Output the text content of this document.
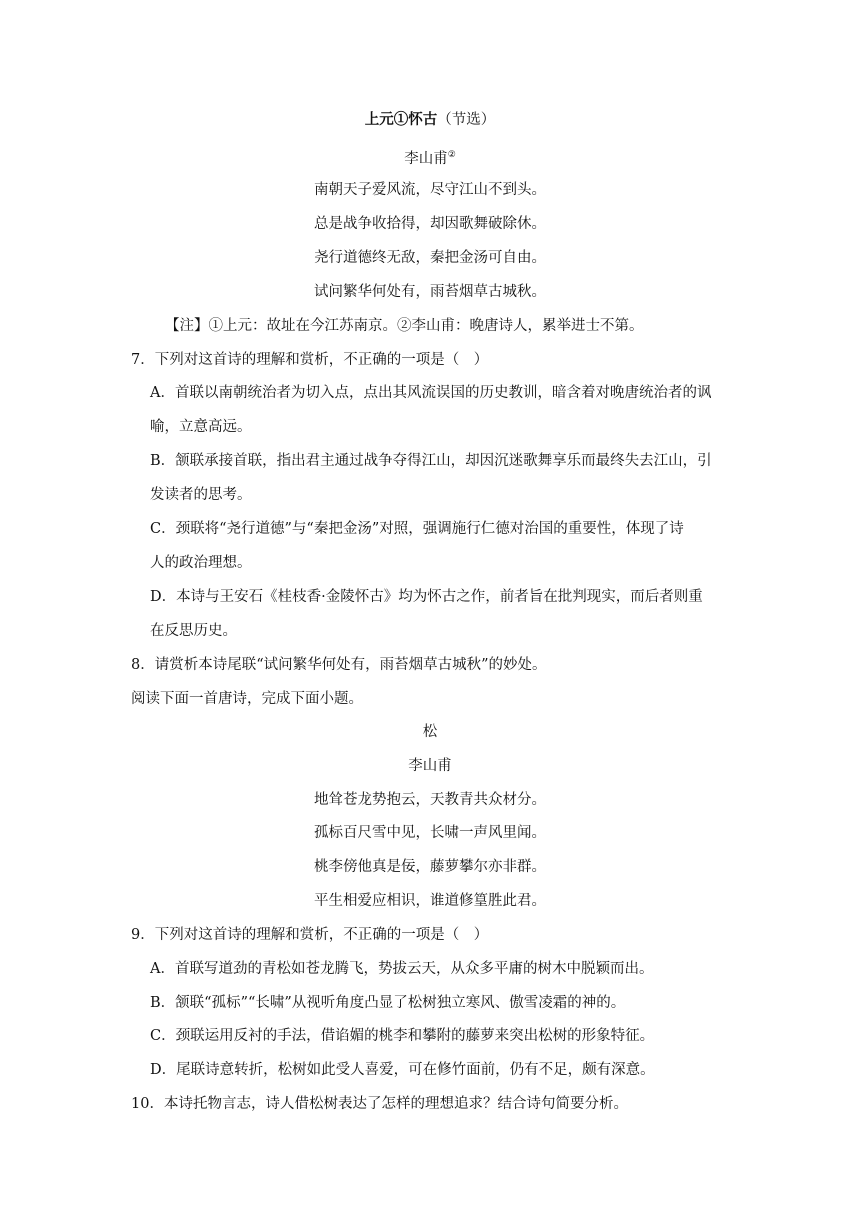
上元①怀古（节选）
李山甫②
南朝天子爱风流，尽守江山不到头。
总是战争收拾得，却因歌舞破除休。
尧行道德终无敌，秦把金汤可自由。
试问繁华何处有，雨苔烟草古城秋。
【注】①上元：故址在今江苏南京。②李山甫：晚唐诗人，累举进士不第。
7．下列对这首诗的理解和赏析，不正确的一项是（　）
A．首联以南朝统治者为切入点，点出其风流误国的历史教训，暗含着对晚唐统治者的讽
喻，立意高远。
B．颔联承接首联，指出君主通过战争夺得江山，却因沉迷歌舞享乐而最终失去江山，引
发读者的思考。
C．颈联将“尧行道德”与“秦把金汤”对照，强调施行仁德对治国的重要性，体现了诗
人的政治理想。
D．本诗与王安石《桂枝香·金陵怀古》均为怀古之作，前者旨在批判现实，而后者则重
在反思历史。
8．请赏析本诗尾联“试问繁华何处有，雨苔烟草古城秋”的妙处。
阅读下面一首唐诗，完成下面小题。
松
李山甫
地耸苍龙势抱云，天教青共众材分。
孤标百尺雪中见，长啸一声风里闻。
桃李傍他真是佞，藤萝攀尔亦非群。
平生相爱应相识，谁道修篁胜此君。
9．下列对这首诗的理解和赏析，不正确的一项是（　）
A．首联写道劲的青松如苍龙腾飞，势拔云天，从众多平庸的树木中脱颖而出。
B．颔联“孤标”“长啸”从视听角度凸显了松树独立寒风、傲雪凌霜的神的。
C．颈联运用反衬的手法，借谄媚的桃李和攀附的藤萝来突出松树的形象特征。
D．尾联诗意转折，松树如此受人喜爱，可在修竹面前，仍有不足，颇有深意。
10．本诗托物言志，诗人借松树表达了怎样的理想追求？结合诗句简要分析。
